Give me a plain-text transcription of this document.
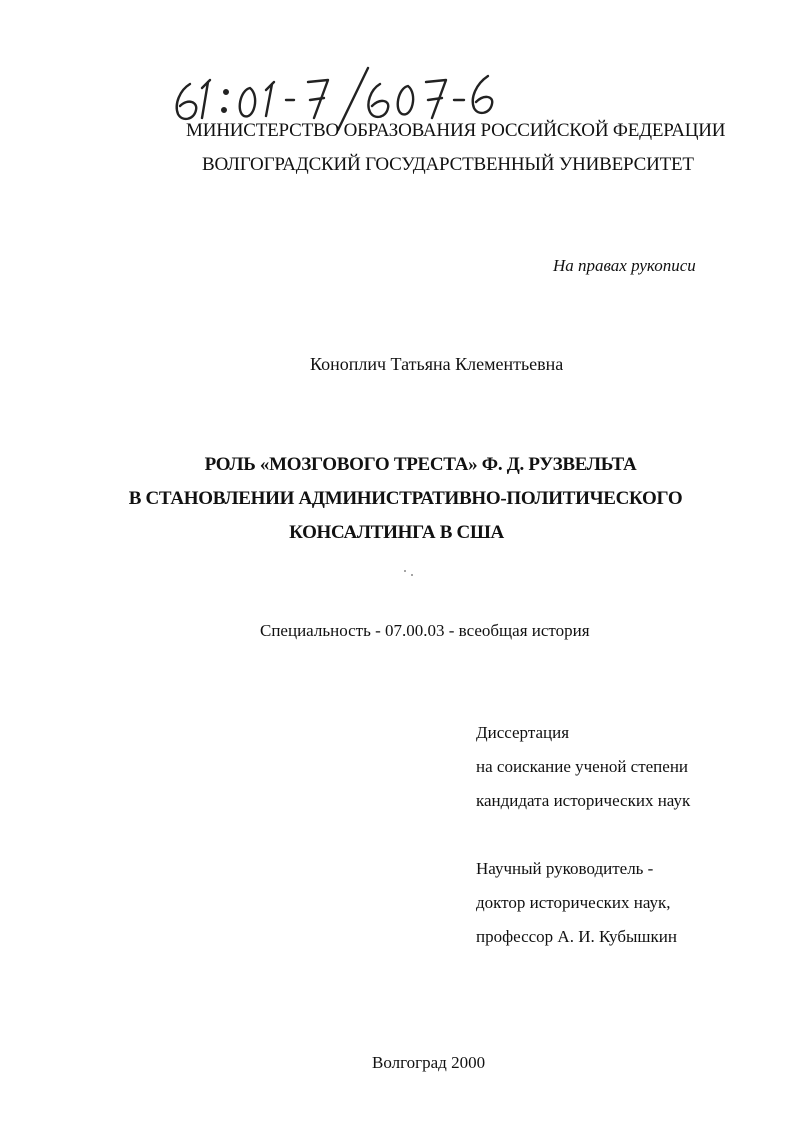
МИНИСТЕРСТВО ОБРАЗОВАНИЯ РОССИЙСКОЙ ФЕДЕРАЦИИ
ВОЛГОГРАДСКИЙ ГОСУДАРСТВЕННЫЙ УНИВЕРСИТЕТ
На правах рукописи
Коноплич Татьяна Клементьевна
РОЛЬ «МОЗГОВОГО ТРЕСТА» Ф. Д. РУЗВЕЛЬТА
В СТАНОВЛЕНИИ АДМИНИСТРАТИВНО-ПОЛИТИЧЕСКОГО
КОНСАЛТИНГА В США
Специальность - 07.00.03 - всеобщая история
Диссертация
на соискание ученой степени
кандидата исторических наук
Научный руководитель -
доктор исторических наук,
профессор А. И. Кубышкин
Волгоград 2000
